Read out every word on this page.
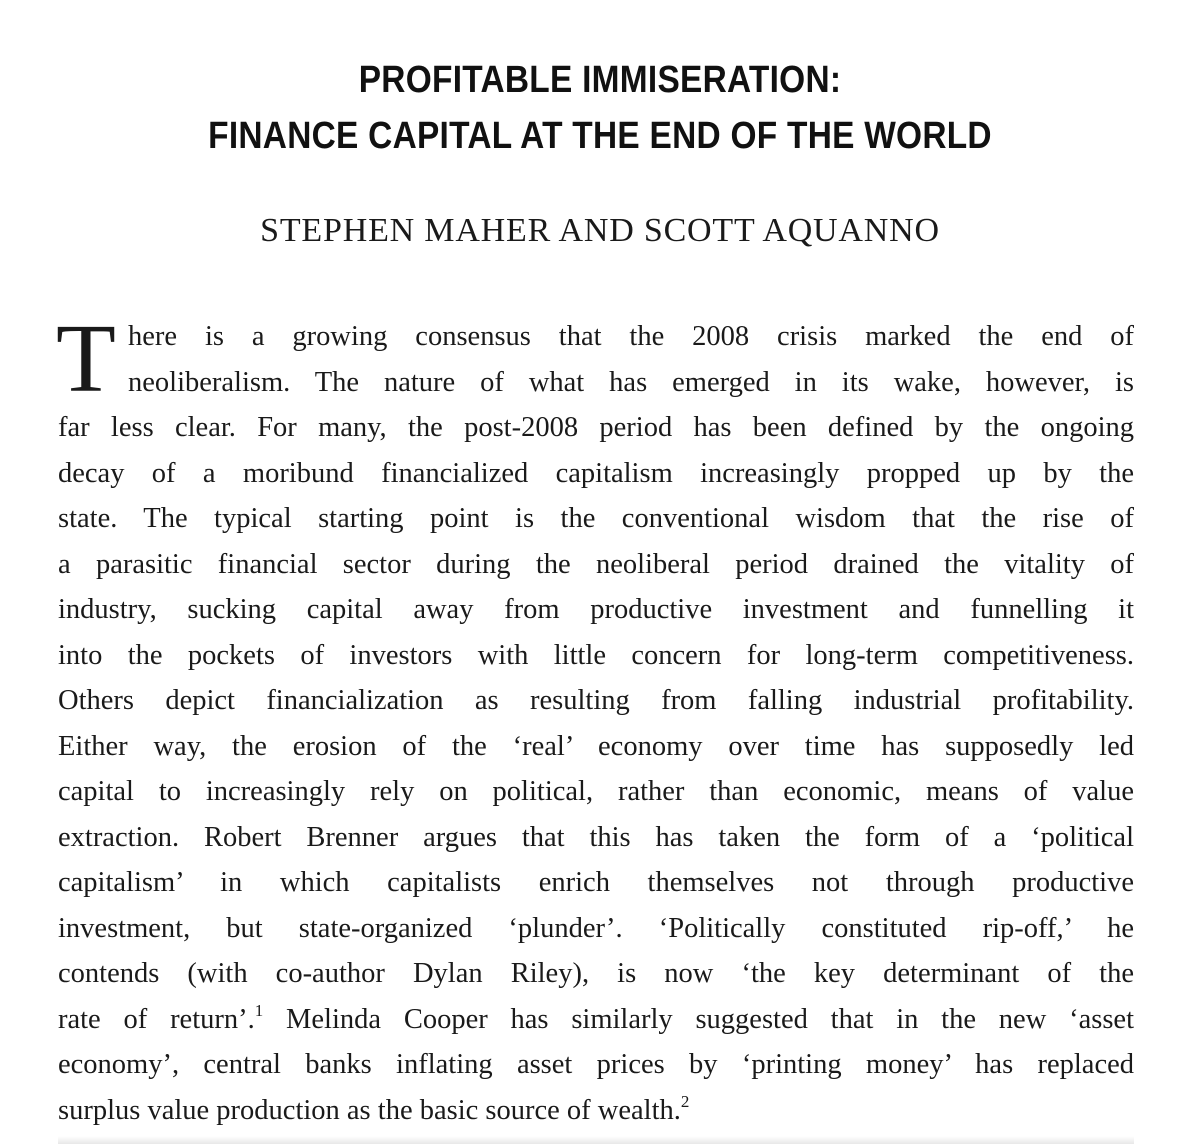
PROFITABLE IMMISERATION:
FINANCE CAPITAL AT THE END OF THE WORLD
STEPHEN MAHER AND SCOTT AQUANNO
T here is a growing consensus that the 2008 crisis marked the end of
neoliberalism. The nature of what has emerged in its wake, however, is
far less clear. For many, the post-2008 period has been defined by the ongoing
decay of a moribund financialized capitalism increasingly propped up by the
state. The typical starting point is the conventional wisdom that the rise of
a parasitic financial sector during the neoliberal period drained the vitality of
industry, sucking capital away from productive investment and funnelling it
into the pockets of investors with little concern for long-term competitiveness.
Others depict financialization as resulting from falling industrial profitability.
Either way, the erosion of the ‘real’ economy over time has supposedly led
capital to increasingly rely on political, rather than economic, means of value
extraction. Robert Brenner argues that this has taken the form of a ‘political
capitalism’ in which capitalists enrich themselves not through productive
investment, but state-organized ‘plunder’. ‘Politically constituted rip-off,’ he
contends (with co-author Dylan Riley), is now ‘the key determinant of the
rate of return’.$^1$ Melinda Cooper has similarly suggested that in the new ‘asset
economy’, central banks inflating asset prices by ‘printing money’ has replaced
surplus value production as the basic source of wealth.$^2$
